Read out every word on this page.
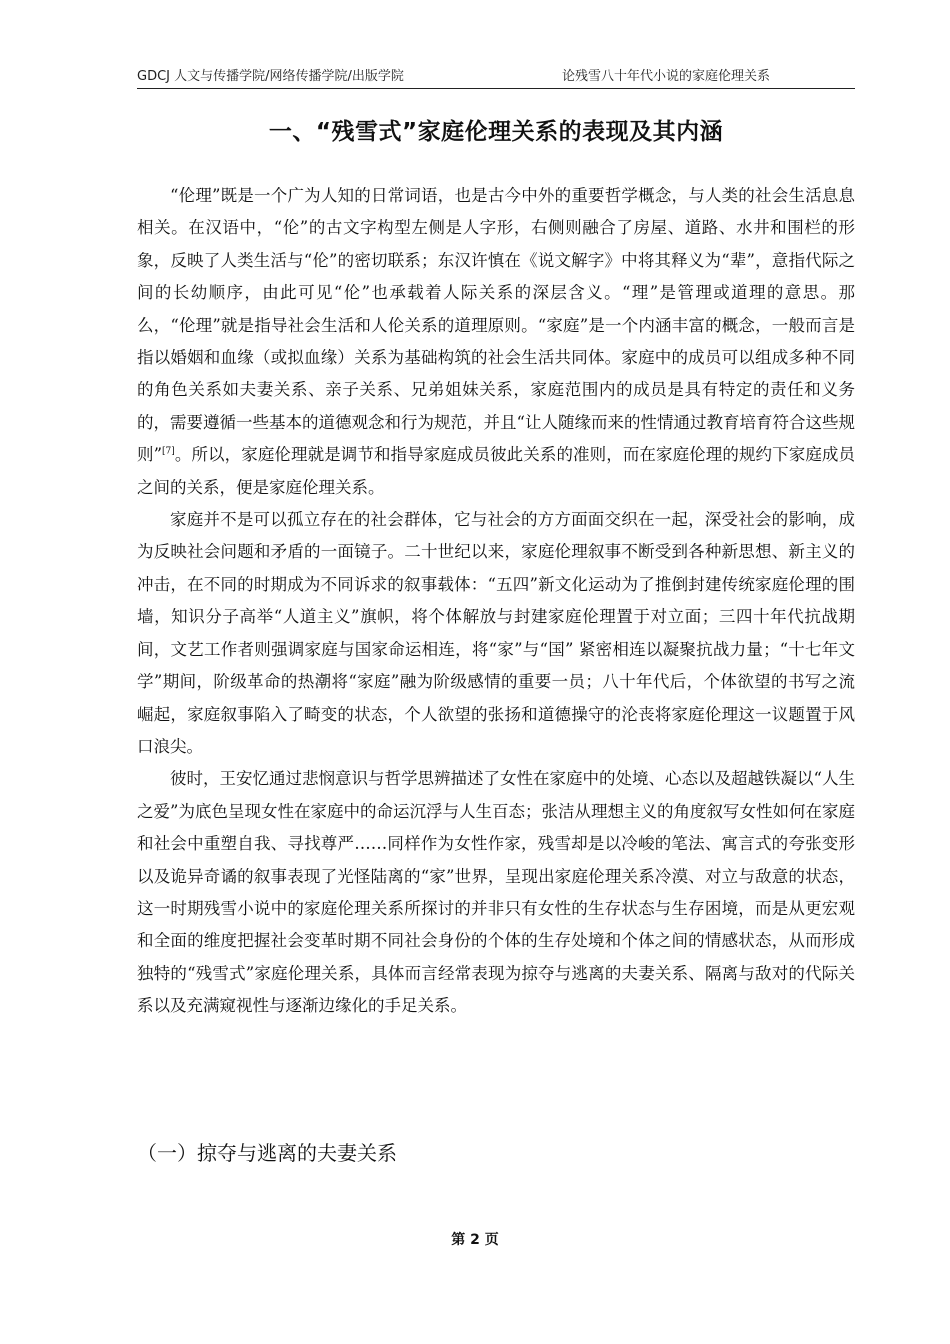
GDCJ 人文与传播学院/网络传播学院/出版学院	论残雪八十年代小说的家庭伦理关系
一、“残雪式”家庭伦理关系的表现及其内涵

“伦理”既是一个广为人知的日常词语，也是古今中外的重要哲学概念，与人类的社会生活息息相关。在汉语中，“伦”的古文字构型左侧是人字形，右侧则融合了房屋、道路、水井和围栏的形象，反映了人类生活与“伦”的密切联系；东汉许慎在《说文解字》中将其释义为“辈”，意指代际之间的长幼顺序，由此可见“伦”也承载着人际关系的深层含义。“理”是管理或道理的意思。那么，“伦理”就是指导社会生活和人伦关系的道理原则。“家庭”是一个内涵丰富的概念，一般而言是指以婚姻和血缘（或拟血缘）关系为基础构筑的社会生活共同体。家庭中的成员可以组成多种不同的角色关系如夫妻关系、亲子关系、兄弟姐妹关系，家庭范围内的成员是具有特定的责任和义务的，需要遵循一些基本的道德观念和行为规范，并且“让人随缘而来的性情通过教育培育符合这些规则”[7]。所以，家庭伦理就是调节和指导家庭成员彼此关系的准则，而在家庭伦理的规约下家庭成员之间的关系，便是家庭伦理关系。

家庭并不是可以孤立存在的社会群体，它与社会的方方面面交织在一起，深受社会的影响，成为反映社会问题和矛盾的一面镜子。二十世纪以来，家庭伦理叙事不断受到各种新思想、新主义的冲击，在不同的时期成为不同诉求的叙事载体：“五四”新文化运动为了推倒封建传统家庭伦理的围墙，知识分子高举“人道主义”旗帜，将个体解放与封建家庭伦理置于对立面；三四十年代抗战期间，文艺工作者则强调家庭与国家命运相连，将“家”与“国” 紧密相连以凝聚抗战力量；“十七年文学”期间，阶级革命的热潮将“家庭”融为阶级感情的重要一员；八十年代后，个体欲望的书写之流崛起，家庭叙事陷入了畸变的状态，个人欲望的张扬和道德操守的沦丧将家庭伦理这一议题置于风口浪尖。

彼时，王安忆通过悲悯意识与哲学思辨描述了女性在家庭中的处境、心态以及超越铁凝以“人生之爱”为底色呈现女性在家庭中的命运沉浮与人生百态；张洁从理想主义的角度叙写女性如何在家庭和社会中重塑自我、寻找尊严……同样作为女性作家，残雪却是以冷峻的笔法、寓言式的夸张变形以及诡异奇谲的叙事表现了光怪陆离的“家”世界，呈现出家庭伦理关系冷漠、对立与敌意的状态，这一时期残雪小说中的家庭伦理关系所探讨的并非只有女性的生存状态与生存困境，而是从更宏观和全面的维度把握社会变革时期不同社会身份的个体的生存处境和个体之间的情感状态，从而形成独特的“残雪式”家庭伦理关系，具体而言经常表现为掠夺与逃离的夫妻关系、隔离与敌对的代际关系以及充满窥视性与逐渐边缘化的手足关系。

（一）掠夺与逃离的夫妻关系
第 2 页
